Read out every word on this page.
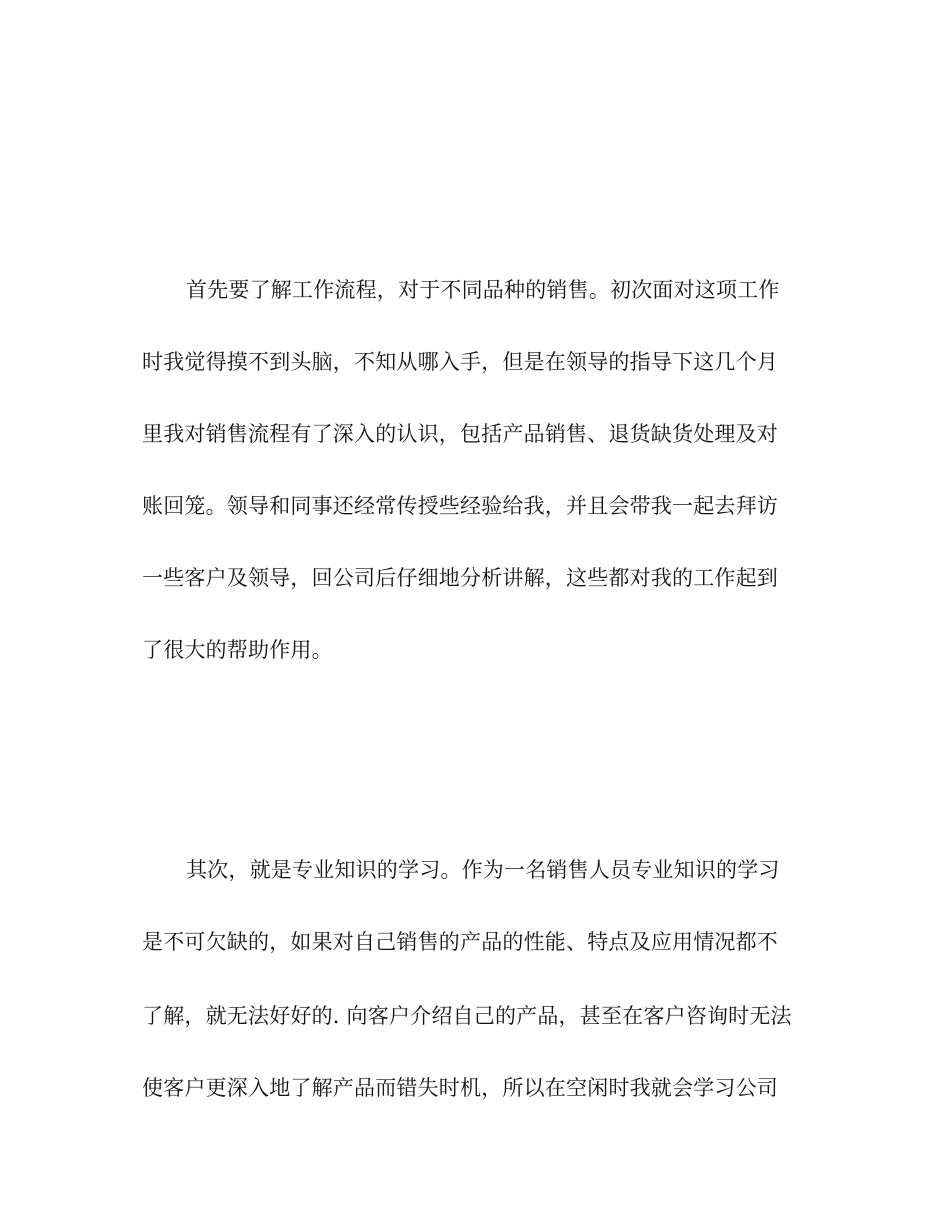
首先要了解工作流程，对于不同品种的销售。初次面对这项工作
时我觉得摸不到头脑，不知从哪入手，但是在领导的指导下这几个月
里我对销售流程有了深入的认识，包括产品销售、退货缺货处理及对
账回笼。领导和同事还经常传授些经验给我，并且会带我一起去拜访
一些客户及领导，回公司后仔细地分析讲解，这些都对我的工作起到
了很大的帮助作用。
其次，就是专业知识的学习。作为一名销售人员专业知识的学习
是不可欠缺的，如果对自己销售的产品的性能、特点及应用情况都不
了解，就无法好好的. 向客户介绍自己的产品，甚至在客户咨询时无法
使客户更深入地了解产品而错失时机，所以在空闲时我就会学习公司
